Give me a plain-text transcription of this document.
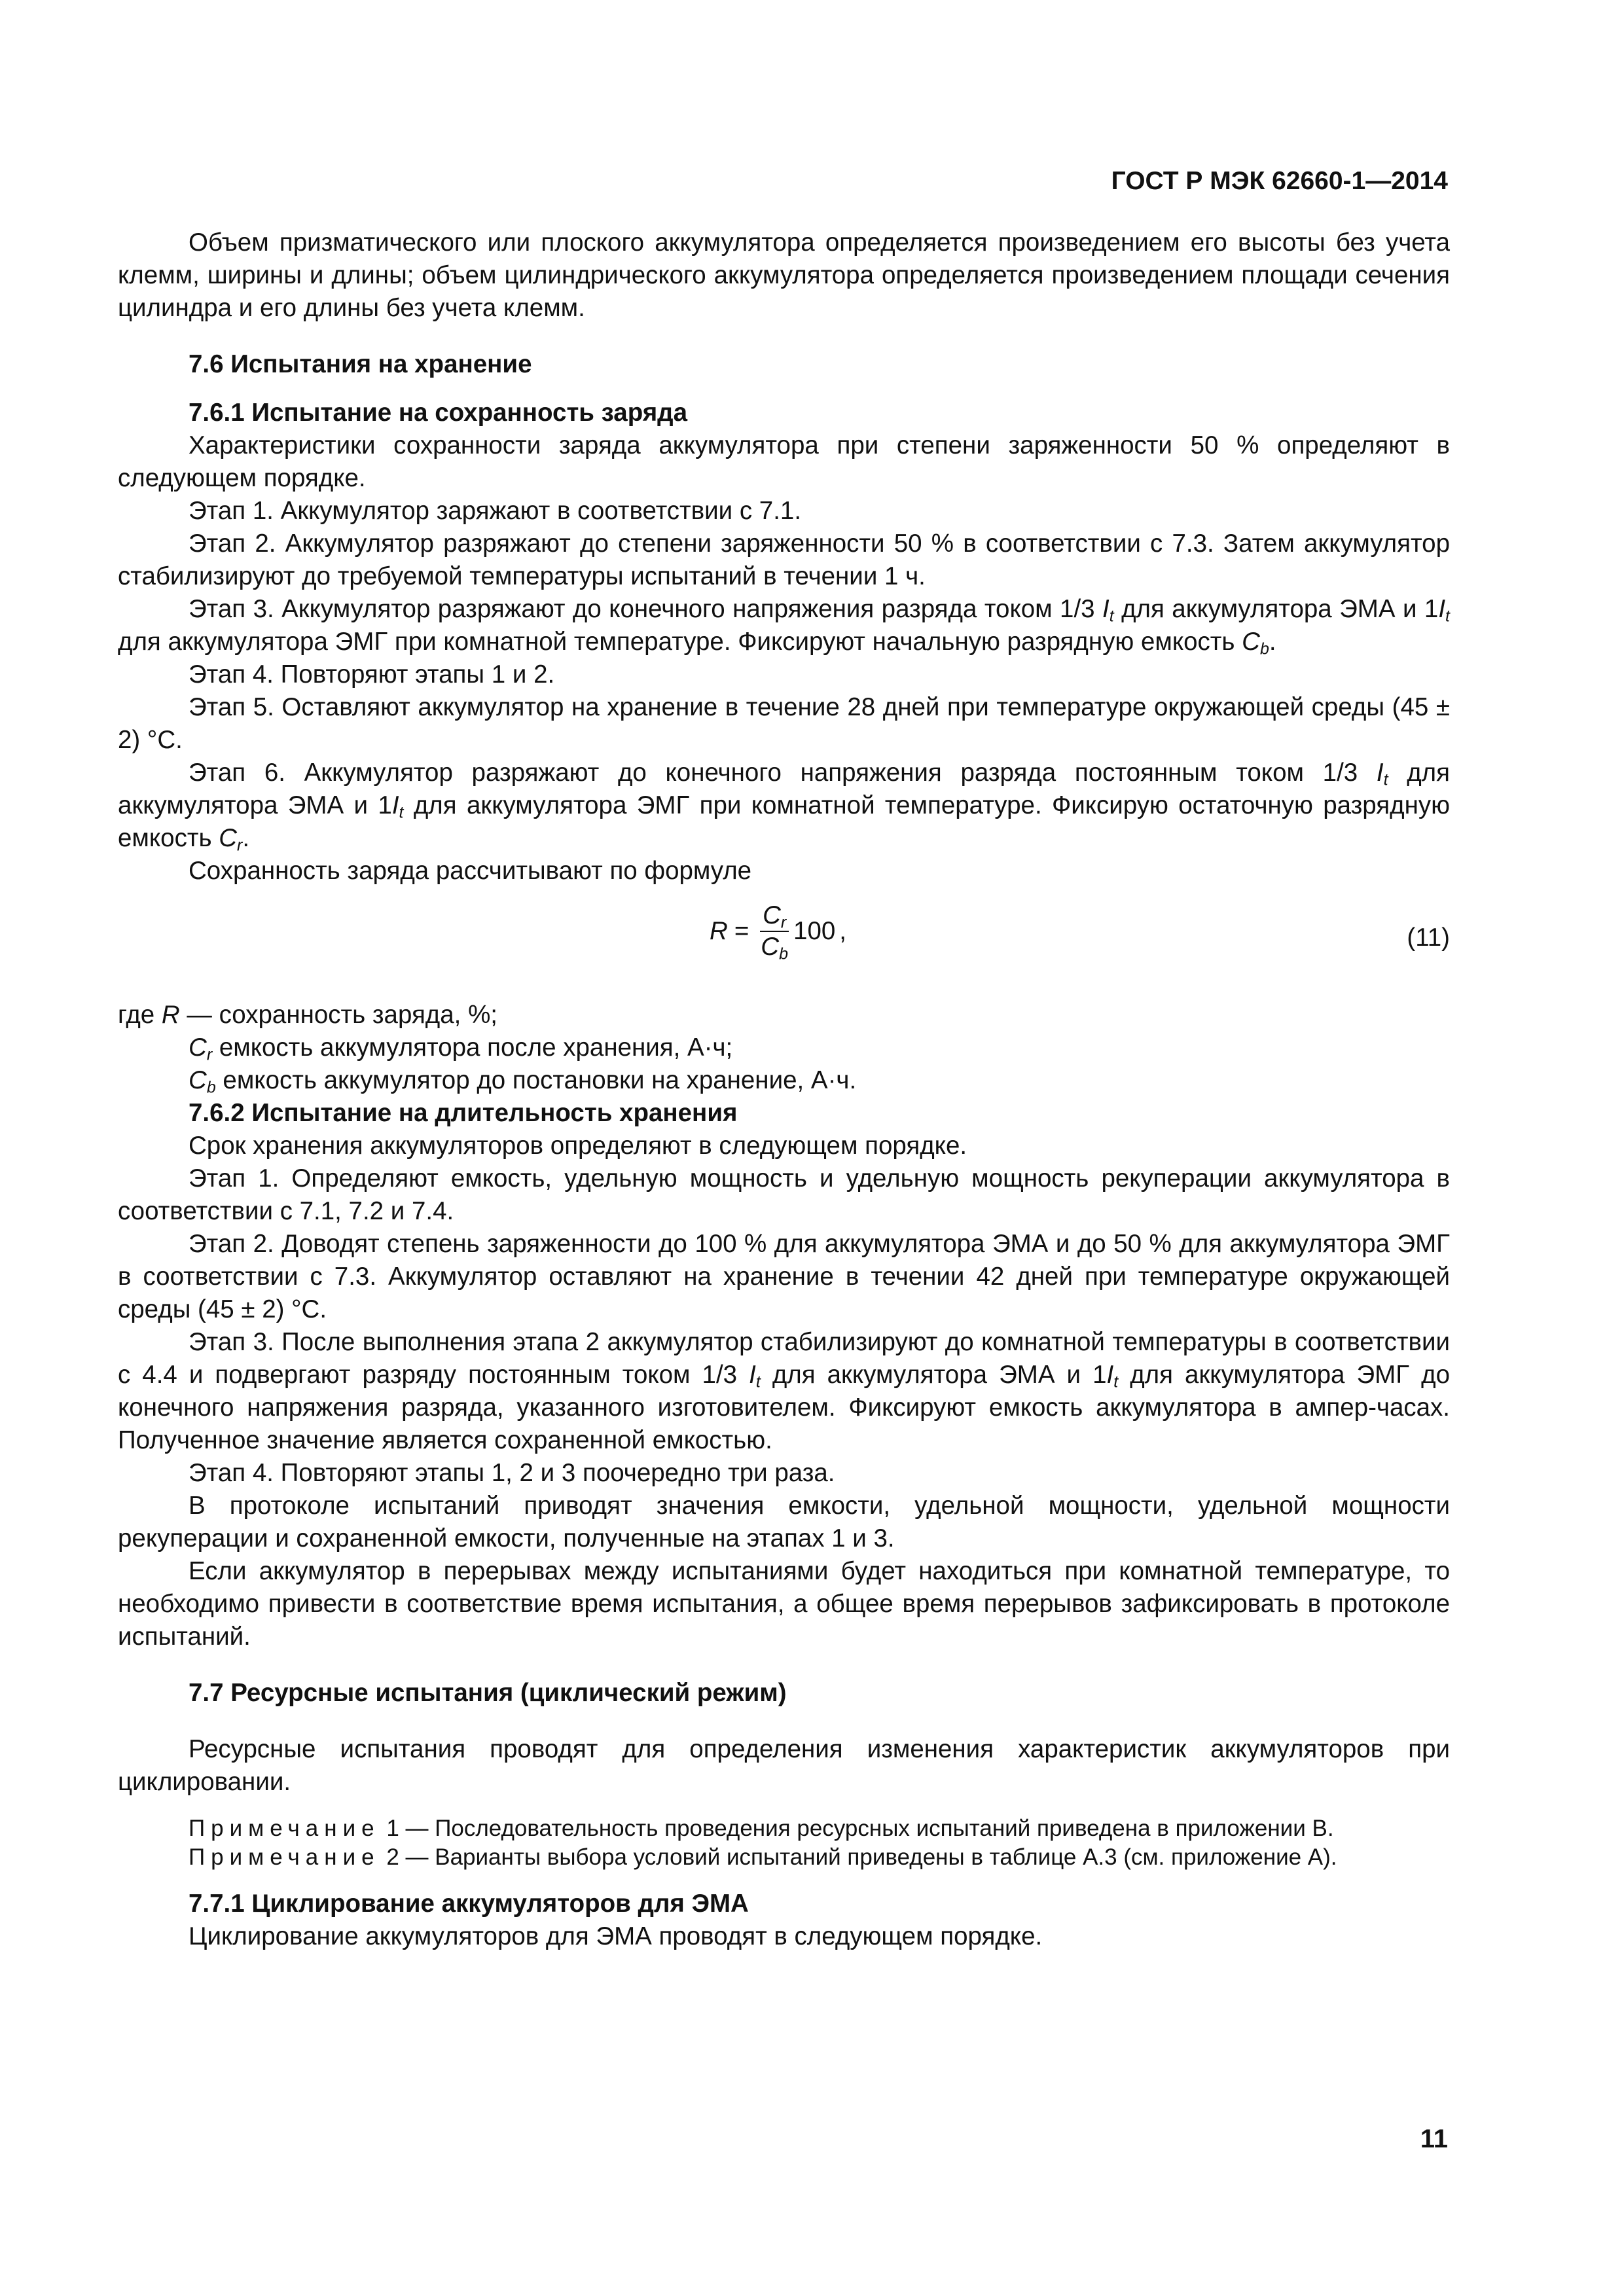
ГОСТ Р МЭК 62660-1—2014

Объем призматического или плоского аккумулятора определяется произведением его высоты без учета клемм, ширины и длины; объем цилиндрического аккумулятора определяется произведением площади сечения цилиндра и его длины без учета клемм.

7.6 Испытания на хранение
7.6.1 Испытание на сохранность заряда

Характеристики сохранности заряда аккумулятора при степени заряженности 50 % определяют в следующем порядке.

Этап 1. Аккумулятор заряжают в соответствии с 7.1.

Этап 2. Аккумулятор разряжают до степени заряженности 50 % в соответствии с 7.3. Затем аккумулятор стабилизируют до требуемой температуры испытаний в течении 1 ч.

Этап 3. Аккумулятор разряжают до конечного напряжения разряда током 1/3 $I_t$ для аккумулятора ЭМА и $1I_t$ для аккумулятора ЭМГ при комнатной температуре. Фиксируют начальную разрядную емкость $C_b$.

Этап 4. Повторяют этапы 1 и 2.

Этап 5. Оставляют аккумулятор на хранение в течение 28 дней при температуре окружающей среды (45 ± 2) °С.

Этап 6. Аккумулятор разряжают до конечного напряжения разряда постоянным током 1/3 $I_t$ для аккумулятора ЭМА и $1I_t$ для аккумулятора ЭМГ при комнатной температуре. Фиксирую остаточную разрядную емкость $C_r$.

Сохранность заряда рассчитывают по формуле

$R = \frac{C_r}{C_b} 100$ ,	(11)

где R — сохранность заряда, %;

$C_r$ емкость аккумулятора после хранения, А·ч;

$C_b$ емкость аккумулятор до постановки на хранение, А·ч.

7.6.2 Испытание на длительность хранения

Срок хранения аккумуляторов определяют в следующем порядке.

Этап 1. Определяют емкость, удельную мощность и удельную мощность рекуперации аккумулятора в соответствии с 7.1, 7.2 и 7.4.

Этап 2. Доводят степень заряженности до 100 % для аккумулятора ЭМА и до 50 % для аккумулятора ЭМГ в соответствии с 7.3. Аккумулятор оставляют на хранение в течении 42 дней при температуре окружающей среды (45 ± 2) °С.

Этап 3. После выполнения этапа 2 аккумулятор стабилизируют до комнатной температуры в соответствии с 4.4 и подвергают разряду постоянным током 1/3 $I_t$ для аккумулятора ЭМА и $1I_t$ для аккумулятора ЭМГ до конечного напряжения разряда, указанного изготовителем. Фиксируют емкость аккумулятора в ампер-часах. Полученное значение является сохраненной емкостью.

Этап 4. Повторяют этапы 1, 2 и 3 поочередно три раза.

В протоколе испытаний приводят значения емкости, удельной мощности, удельной мощности рекуперации и сохраненной емкости, полученные на этапах 1 и 3.

Если аккумулятор в перерывах между испытаниями будет находиться при комнатной температуре, то необходимо привести в соответствие время испытания, а общее время перерывов зафиксировать в протоколе испытаний.

7.7 Ресурсные испытания (циклический режим)

Ресурсные испытания проводят для определения изменения характеристик аккумуляторов при циклировании.

Примечание 1 — Последовательность проведения ресурсных испытаний приведена в приложении В.

Примечание 2 — Варианты выбора условий испытаний приведены в таблице А.3 (см. приложение А).

7.7.1 Циклирование аккумуляторов для ЭМА

Циклирование аккумуляторов для ЭМА проводят в следующем порядке.

11
